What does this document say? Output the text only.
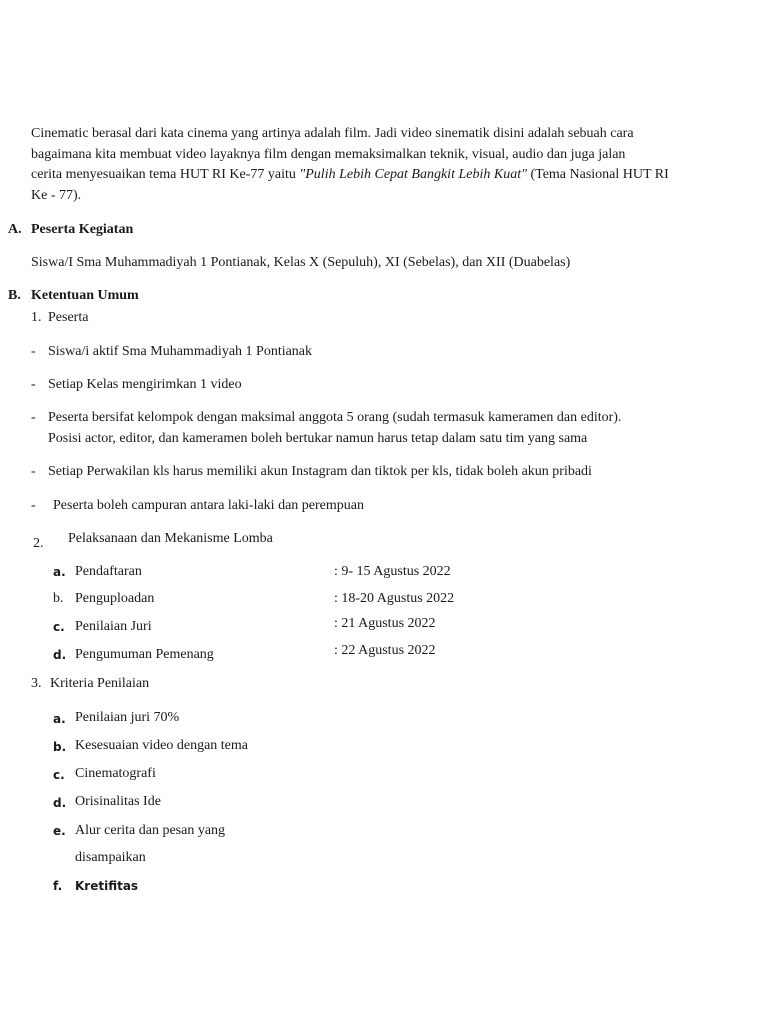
Cinematic berasal dari kata cinema yang artinya adalah film. Jadi video sinematik disini adalah sebuah cara
bagaimana kita membuat video layaknya film dengan memaksimalkan teknik, visual, audio dan juga jalan
cerita menyesuaikan tema HUT RI Ke-77 yaitu "Pulih Lebih Cepat Bangkit Lebih Kuat" (Tema Nasional HUT RI
Ke - 77).
A. Peserta Kegiatan
Siswa/I Sma Muhammadiyah 1 Pontianak, Kelas X (Sepuluh), XI (Sebelas), dan XII (Duabelas)
B. Ketentuan Umum
1. Peserta
- Siswa/i aktif Sma Muhammadiyah 1 Pontianak
- Setiap Kelas mengirimkan 1 video
- Peserta bersifat kelompok dengan maksimal anggota 5 orang (sudah termasuk kameramen dan editor).
Posisi actor, editor, dan kameramen boleh bertukar namun harus tetap dalam satu tim yang sama
- Setiap Perwakilan kls harus memiliki akun Instagram dan tiktok per kls, tidak boleh akun pribadi
- Peserta boleh campuran antara laki-laki dan perempuan
2. Pelaksanaan dan Mekanisme Lomba
a. Pendaftaran	: 9- 15 Agustus 2022
b. Penguploadan	: 18-20 Agustus 2022
c. Penilaian Juri	: 21 Agustus 2022
d. Pengumuman Pemenang	: 22 Agustus 2022
3. Kriteria Penilaian
a. Penilaian juri 70%
b. Kesesuaian video dengan tema
c. Cinematografi
d. Orisinalitas Ide
e. Alur cerita dan pesan yang
disampaikan
f. Kretifitas
